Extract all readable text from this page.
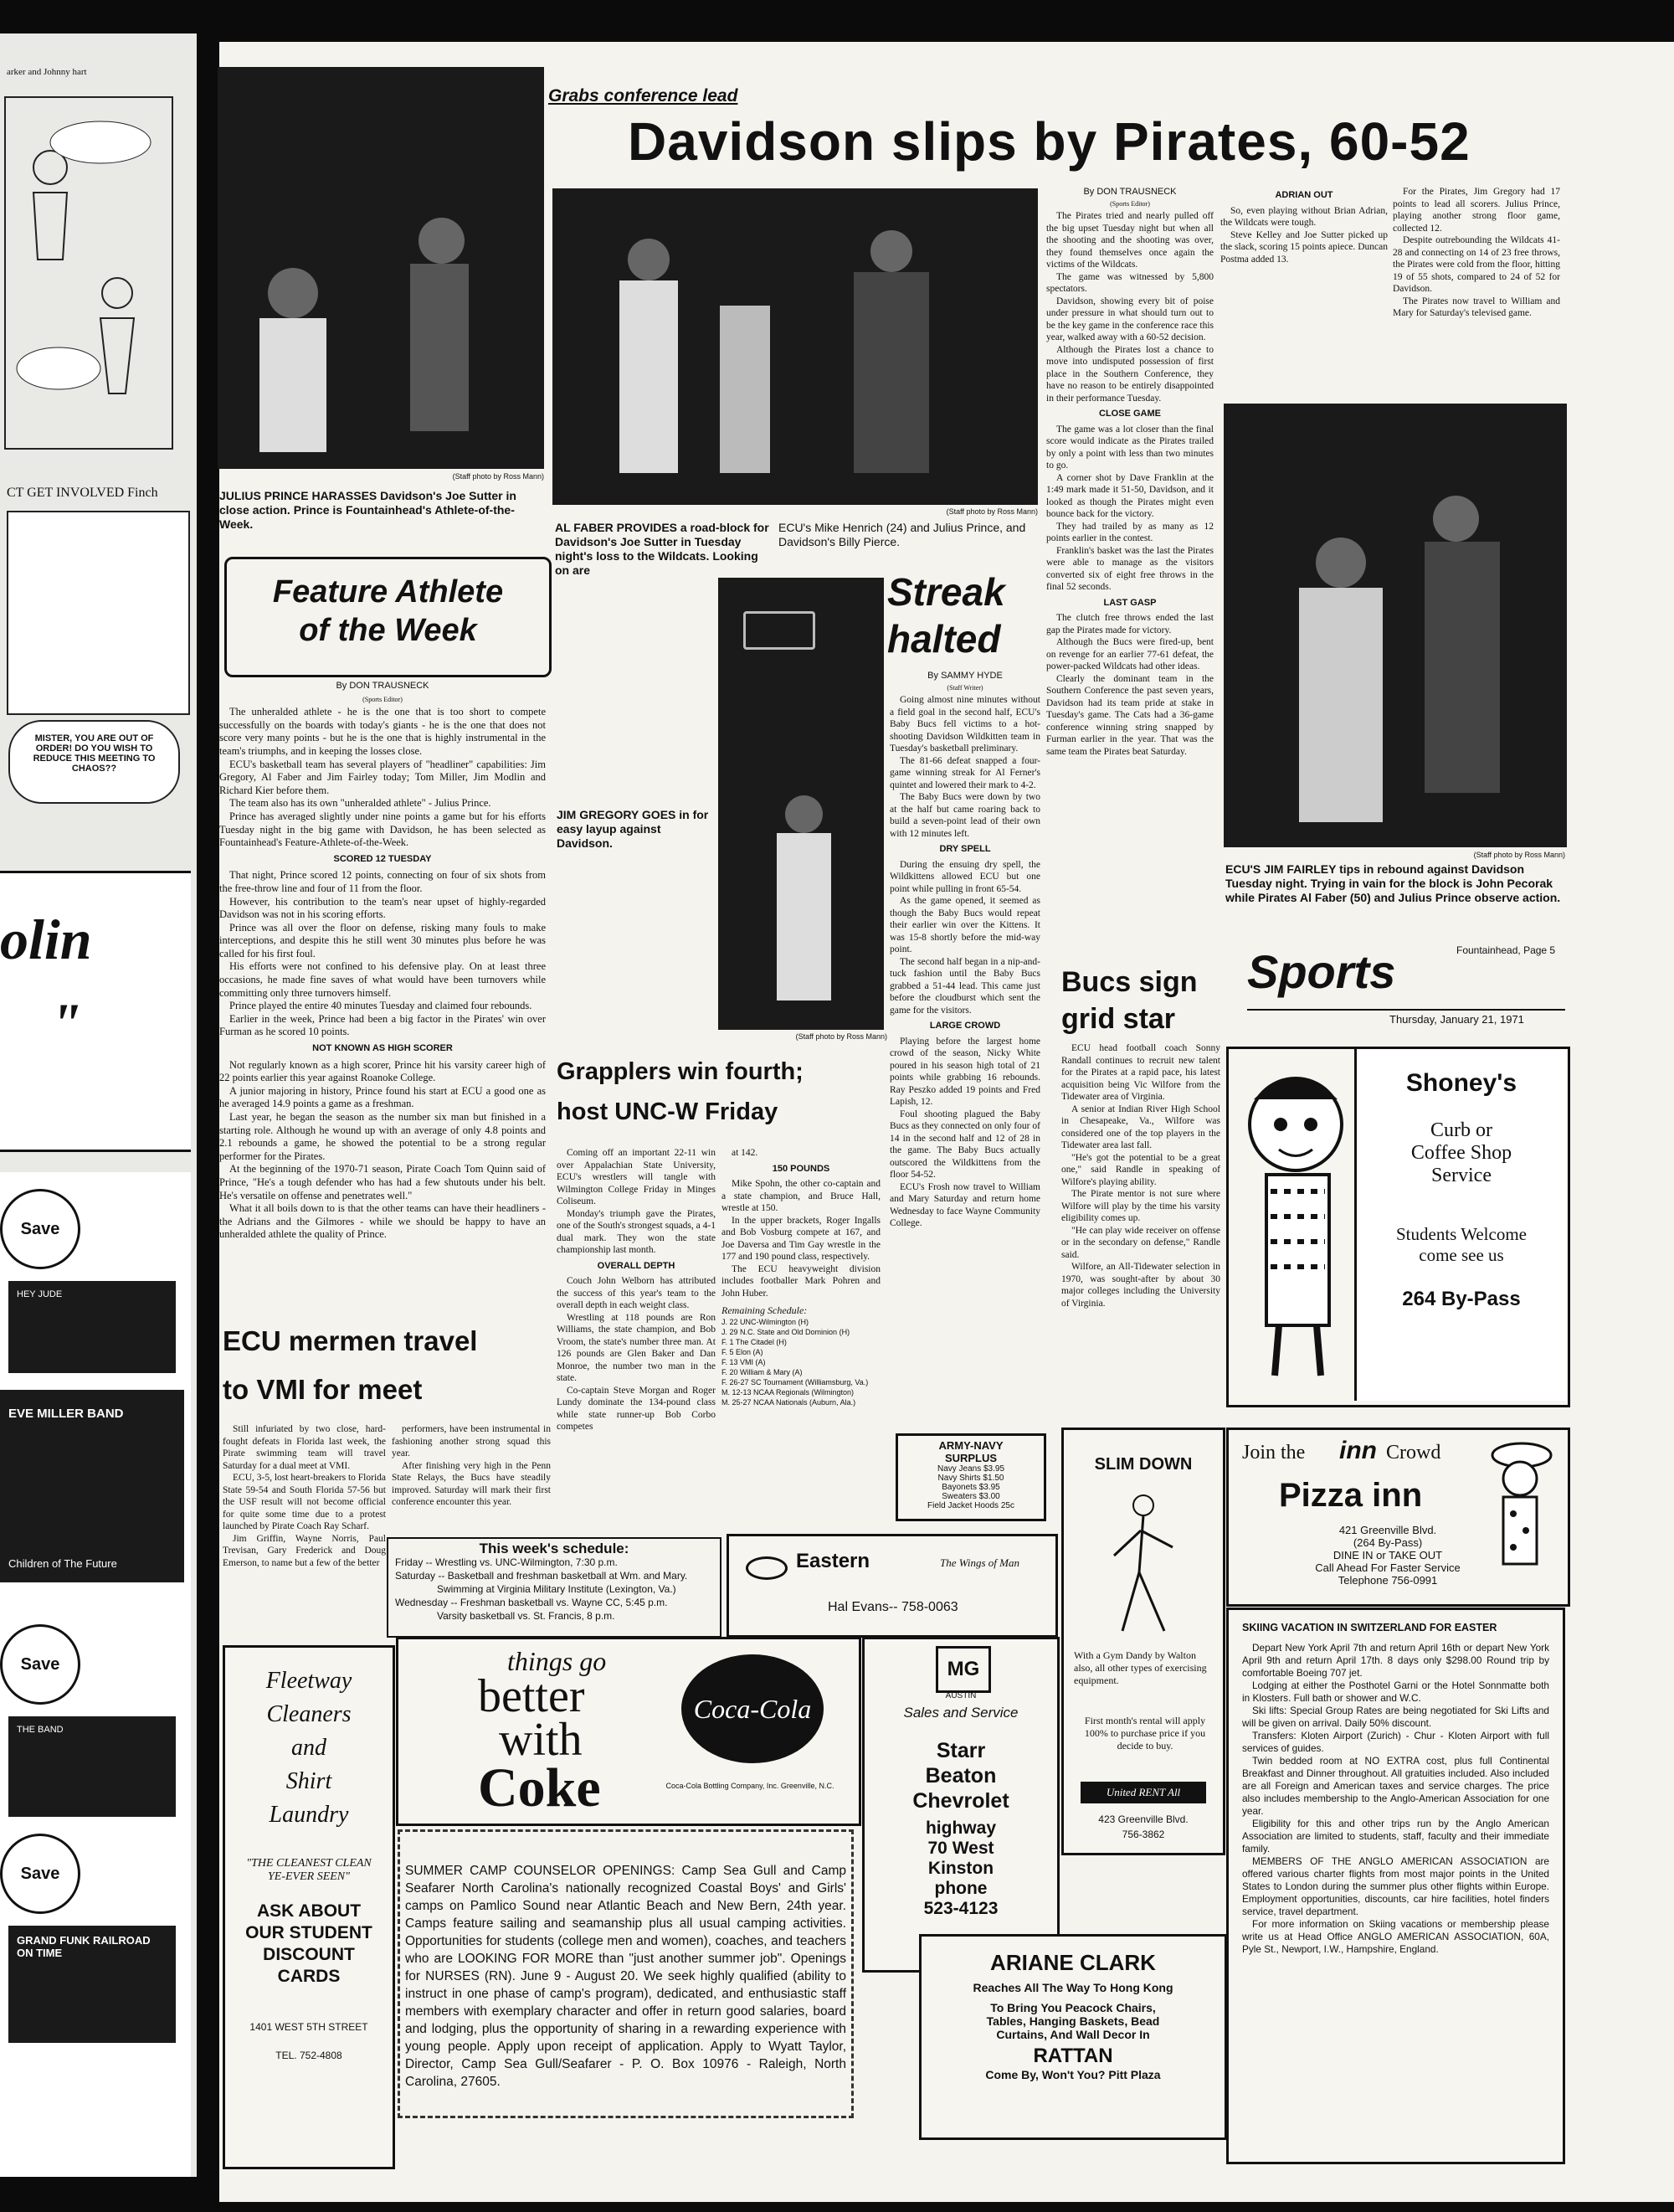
arker and Johnny hart
CT GET INVOLVED Finch
MISTER, YOU ARE OUT OF ORDER! DO YOU WISH TO REDUCE THIS MEETING TO CHAOS??
olin
"
Save
HEY JUDE
EVE MILLER BAND
Children of The Future
Save
THE BAND
Save
GRAND FUNK RAILROAD ON TIME
(Staff photo by Ross Mann)
JULIUS PRINCE HARASSES Davidson's Joe Sutter in close action. Prince is Fountainhead's Athlete-of-the-Week.
Grabs conference lead
Davidson slips by Pirates, 60-52
(Staff photo by Ross Mann)
AL FABER PROVIDES a road-block for Davidson's Joe Sutter in Tuesday night's loss to the Wildcats. Looking on are
ECU's Mike Henrich (24) and Julius Prince, and Davidson's Billy Pierce.
By DON TRAUSNECK
(Sports Editor)

The Pirates tried and nearly pulled off the big upset Tuesday night but when all the shooting and the shooting was over, they found themselves once again the victims of the Wildcats.

The game was witnessed by 5,800 spectators.

Davidson, showing every bit of poise under pressure in what should turn out to be the key game in the conference race this year, walked away with a 60-52 decision.

Although the Pirates lost a chance to move into undisputed possession of first place in the Southern Conference, they have no reason to be entirely disappointed in their performance Tuesday.

CLOSE GAME

The game was a lot closer than the final score would indicate as the Pirates trailed by only a point with less than two minutes to go.

A corner shot by Dave Franklin at the 1:49 mark made it 51-50, Davidson, and it looked as though the Pirates might even bounce back for the victory.

They had trailed by as many as 12 points earlier in the contest.

Franklin's basket was the last the Pirates were able to manage as the visitors converted six of eight free throws in the final 52 seconds.

LAST GASP

The clutch free throws ended the last gap the Pirates made for victory.

Although the Bucs were fired-up, bent on revenge for an earlier 77-61 defeat, the power-packed Wildcats had other ideas.

Clearly the dominant team in the Southern Conference the past seven years, Davidson had its team pride at stake in Tuesday's game. The Cats had a 36-game conference winning string snapped by Furman earlier in the year. That was the same team the Pirates beat Saturday.

ADRIAN OUT

So, even playing without Brian Adrian, the Wildcats were tough.

Steve Kelley and Joe Sutter picked up the slack, scoring 15 points apiece. Duncan Postma added 13.

For the Pirates, Jim Gregory had 17 points to lead all scorers. Julius Prince, playing another strong floor game, collected 12.

Despite outrebounding the Wildcats 41-28 and connecting on 14 of 23 free throws, the Pirates were cold from the floor, hitting 19 of 55 shots, compared to 24 of 52 for Davidson.

The Pirates now travel to William and Mary for Saturday's televised game.

(Staff photo by Ross Mann)
ECU'S JIM FAIRLEY tips in rebound against Davidson Tuesday night. Trying in vain for the block is John Pecorak while Pirates Al Faber (50) and Julius Prince observe action.
Fountainhead, Page 5
Sports
Thursday, January 21, 1971
Feature Athlete
of the Week
By DON TRAUSNECK
(Sports Editor)

The unheralded athlete - he is the one that is too short to compete successfully on the boards with today's giants - he is the one that does not score very many points - but he is the one that is highly instrumental in the team's triumphs, and in keeping the losses close.

ECU's basketball team has several players of "headliner" capabilities: Jim Gregory, Al Faber and Jim Fairley today; Tom Miller, Jim Modlin and Richard Kier before them.

The team also has its own "unheralded athlete" - Julius Prince.

Prince has averaged slightly under nine points a game but for his efforts Tuesday night in the big game with Davidson, he has been selected as Fountainhead's Feature-Athlete-of-the-Week.

SCORED 12 TUESDAY

That night, Prince scored 12 points, connecting on four of six shots from the free-throw line and four of 11 from the floor.

However, his contribution to the team's near upset of highly-regarded Davidson was not in his scoring efforts.

Prince was all over the floor on defense, risking many fouls to make interceptions, and despite this he still went 30 minutes plus before he was called for his first foul.

His efforts were not confined to his defensive play. On at least three occasions, he made fine saves of what would have been turnovers while committing only three turnovers himself.

Prince played the entire 40 minutes Tuesday and claimed four rebounds.

Earlier in the week, Prince had been a big factor in the Pirates' win over Furman as he scored 10 points.

NOT KNOWN AS HIGH SCORER

Not regularly known as a high scorer, Prince hit his varsity career high of 22 points earlier this year against Roanoke College.

A junior majoring in history, Prince found his start at ECU a good one as he averaged 14.9 points a game as a freshman.

Last year, he began the season as the number six man but finished in a starting role. Although he wound up with an average of only 4.8 points and 2.1 rebounds a game, he showed the potential to be a strong regular performer for the Pirates.

At the beginning of the 1970-71 season, Pirate Coach Tom Quinn said of Prince, "He's a tough defender who has had a few shutouts under his belt. He's versatile on offense and penetrates well."

What it all boils down to is that the other teams can have their headliners - the Adrians and the Gilmores - while we should be happy to have an unheralded athlete the quality of Prince.

JIM GREGORY GOES in for easy layup against Davidson.
(Staff photo by Ross Mann)
Streak
halted
By SAMMY HYDE
(Staff Writer)

Going almost nine minutes without a field goal in the second half, ECU's Baby Bucs fell victims to a hot-shooting Davidson Wildkitten team in Tuesday's basketball preliminary.

The 81-66 defeat snapped a four-game winning streak for Al Ferner's quintet and lowered their mark to 4-2.

The Baby Bucs were down by two at the half but came roaring back to build a seven-point lead of their own with 12 minutes left.

DRY SPELL

During the ensuing dry spell, the Wildkittens allowed ECU but one point while pulling in front 65-54.

As the game opened, it seemed as though the Baby Bucs would repeat their earlier win over the Kittens. It was 15-8 shortly before the mid-way point.

The second half began in a nip-and-tuck fashion until the Baby Bucs grabbed a 51-44 lead. This came just before the cloudburst which sent the game for the visitors.

LARGE CROWD

Playing before the largest home crowd of the season, Nicky White poured in his season high total of 21 points while grabbing 16 rebounds. Ray Peszko added 19 points and Fred Lapish, 12.

Foul shooting plagued the Baby Bucs as they connected on only four of 14 in the second half and 12 of 28 in the game. The Baby Bucs actually outscored the Wildkittens from the floor 54-52.

ECU's Frosh now travel to William and Mary Saturday and return home Wednesday to face Wayne Community College.

Bucs sign
grid star

ECU head football coach Sonny Randall continues to recruit new talent for the Pirates at a rapid pace, his latest acquisition being Vic Wilfore from the Tidewater area of Virginia.

A senior at Indian River High School in Chesapeake, Va., Wilfore was considered one of the top players in the Tidewater area last fall.

"He's got the potential to be a great one," said Randle in speaking of Wilfore's playing ability.

The Pirate mentor is not sure where Wilfore will play by the time his varsity eligibility comes up.

"He can play wide receiver on offense or in the secondary on defense," Randle said.

Wilfore, an All-Tidewater selection in 1970, was sought-after by about 30 major colleges including the University of Virginia.

Grapplers win fourth;
host UNC-W Friday

Coming off an important 22-11 win over Appalachian State University, ECU's wrestlers will tangle with Wilmington College Friday in Minges Coliseum.

Monday's triumph gave the Pirates, one of the South's strongest squads, a 4-1 dual mark. They won the state championship last month.

OVERALL DEPTH

Couch John Welborn has attributed the success of this year's team to the overall depth in each weight class.

Wrestling at 118 pounds are Ron Williams, the state champion, and Bob Vroom, the state's number three man. At 126 pounds are Glen Baker and Dan Monroe, the number two man in the state.

Co-captain Steve Morgan and Roger Lundy dominate the 134-pound class while state runner-up Bob Corbo competes

at 142.

150 POUNDS

Mike Spohn, the other co-captain and a state champion, and Bruce Hall, wrestle at 150.

In the upper brackets, Roger Ingalls and Bob Vosburg compete at 167, and Joe Daversa and Tim Gay wrestle in the 177 and 190 pound class, respectively.

The ECU heavyweight division includes footballer Mark Pohren and John Huber.

Remaining Schedule:
J. 22 UNC-Wilmington (H)
J. 29 N.C. State and Old Dominion (H)
F. 1 The Citadel (H)
F. 5 Elon (A)
F. 13 VMI (A)
F. 20 William & Mary (A)
F. 26-27 SC Tournament (Williamsburg, Va.)
M. 12-13 NCAA Regionals (Wilmington)
M. 25-27 NCAA Nationals (Auburn, Ala.)
ECU mermen travel
to VMI for meet

Still infuriated by two close, hard-fought defeats in Florida last week, the Pirate swimming team will travel Saturday for a dual meet at VMI.

ECU, 3-5, lost heart-breakers to Florida State 59-54 and South Florida 57-56 but the USF result will not become official for quite some time due to a protest launched by Pirate Coach Ray Scharf.

Jim Griffin, Wayne Norris, Paul Trevisan, Gary Frederick and Doug Emerson, to name but a few of the better

performers, have been instrumental in fashioning another strong squad this year.

After finishing very high in the Penn State Relays, the Bucs have steadily improved. Saturday will mark their first conference encounter this year.

This week's schedule:
Friday -- Wrestling vs. UNC-Wilmington, 7:30 p.m.
Saturday -- Basketball and freshman basketball at Wm. and Mary.
Swimming at Virginia Military Institute (Lexington, Va.)
Wednesday -- Freshman basketball vs. Wayne CC, 5:45 p.m.
Varsity basketball vs. St. Francis, 8 p.m.
Eastern	The Wings of Man
Hal Evans-- 758-0063
ARMY-NAVY
SURPLUS
Navy Jeans $3.95
Navy Shirts $1.50
Bayonets $3.95
Sweaters $3.00
Field Jacket Hoods 25c
SLIM DOWN
With a Gym Dandy by Walton also, all other types of exercising equipment.
First month's rental will apply 100% to purchase price if you decide to buy.
United RENT All
423 Greenville Blvd.
756-3862
Shoney's
Curb or
Coffee Shop
Service
Students Welcome
come see us
264 By-Pass
Join the inn Crowd
Pizza inn
421 Greenville Blvd.
(264 By-Pass)
DINE IN or TAKE OUT
Call Ahead For Faster Service
Telephone 756-0991
Fleetway
Cleaners
and
Shirt
Laundry
"THE CLEANEST CLEAN YE-EVER SEEN"
ASK ABOUT OUR STUDENT DISCOUNT CARDS
1401 WEST 5TH STREET
TEL. 752-4808
things go
better
with
Coke
Coca-Cola
Coca-Cola Bottling Company, Inc. Greenville, N.C.
MG
AUSTIN
Sales and Service
Starr
Beaton
Chevrolet
highway
70 West
Kinston
phone
523-4123
SUMMER CAMP COUNSELOR OPENINGS: Camp Sea Gull and Camp Seafarer North Carolina's nationally recognized Coastal Boys' and Girls' camps on Pamlico Sound near Atlantic Beach and New Bern, 24th year. Camps feature sailing and seamanship plus all usual camping activities. Opportunities for students (college men and women), coaches, and teachers who are LOOKING FOR MORE than "just another summer job". Openings for NURSES (RN). June 9 - August 20. We seek highly qualified (ability to instruct in one phase of camp's program), dedicated, and enthusiastic staff members with exemplary character and offer in return good salaries, board and lodging, plus the opportunity of sharing in a rewarding experience with young people. Apply upon receipt of application. Apply to Wyatt Taylor, Director, Camp Sea Gull/Seafarer - P. O. Box 10976 - Raleigh, North Carolina, 27605.
ARIANE CLARK
Reaches All The Way To Hong Kong
To Bring You Peacock Chairs,
Tables, Hanging Baskets, Bead
Curtains, And Wall Decor In
RATTAN
Come By, Won't You? Pitt Plaza
SKIING VACATION IN SWITZERLAND FOR EASTER

Depart New York April 7th and return April 16th or depart New York April 9th and return April 17th. 8 days only $298.00 Round trip by comfortable Boeing 707 jet.

Lodging at either the Posthotel Garni or the Hotel Sonnmatte both in Klosters. Full bath or shower and W.C.

Ski lifts: Special Group Rates are being negotiated for Ski Lifts and will be given on arrival. Daily 50% discount.

Transfers: Kloten Airport (Zurich) - Chur - Kloten Airport with full services of guides.

Twin bedded room at NO EXTRA cost, plus full Continental Breakfast and Dinner throughout. All gratuities included. Also included are all Foreign and American taxes and service charges. The price also includes membership to the Anglo-American Association for one year.

Eligibility for this and other trips run by the Anglo American Association are limited to students, staff, faculty and their immediate family.

MEMBERS OF THE ANGLO AMERICAN ASSOCIATION are offered various charter flights from most major points in the United States to London during the summer plus other flights within Europe. Employment opportunities, discounts, car hire facilities, hotel finders service, travel department.

For more information on Skiing vacations or membership please write us at Head Office ANGLO AMERICAN ASSOCIATION, 60A, Pyle St., Newport, I.W., Hampshire, England.
